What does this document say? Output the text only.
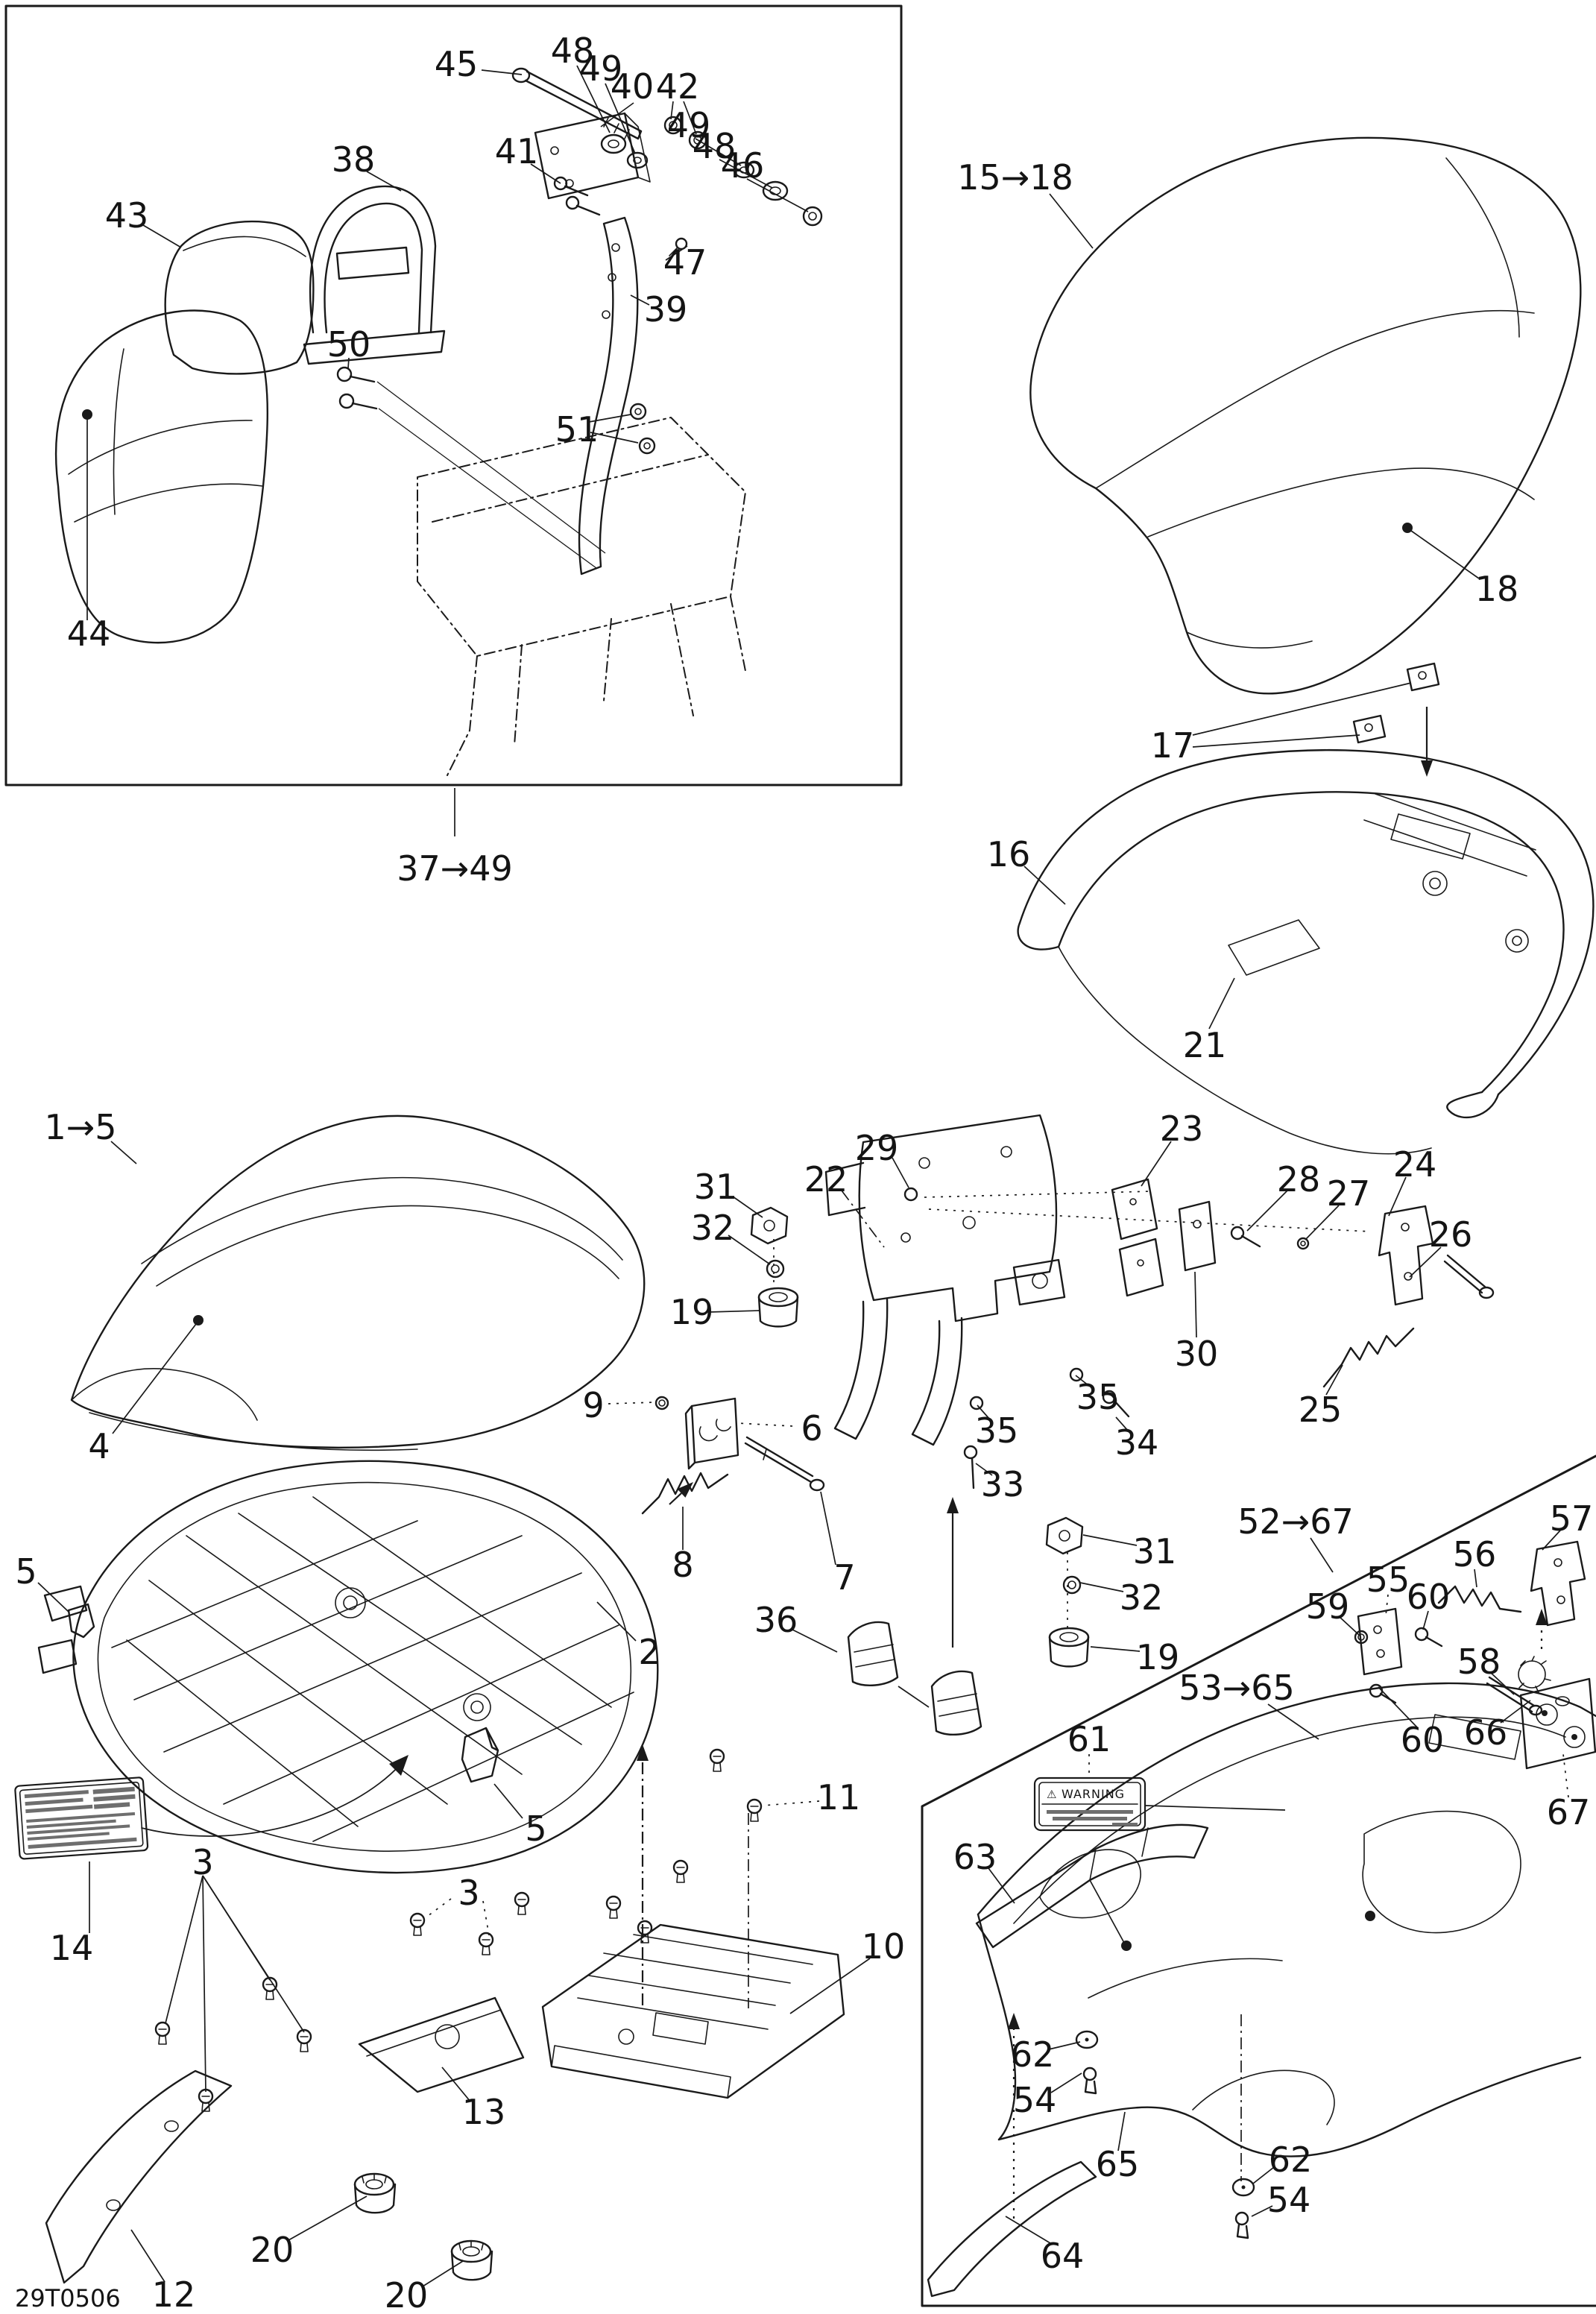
45 48
49
40 42
49
48
46
41
47
39
38
43
44
50
51
37→49
15→18
18
17
16
21
29
22
31
32
19
23
28 27
24
26
25
30
35
34
35
33
31
32
19
9
6
8	7
36
1→5
4
2
5
5
14
3
3
13
12
20
20
10
11
52→67
53→65
61
63
55
59 60
56
57
58
60 66
67
62
54
62
54
65
64
⚠ WARNING
29T0506
